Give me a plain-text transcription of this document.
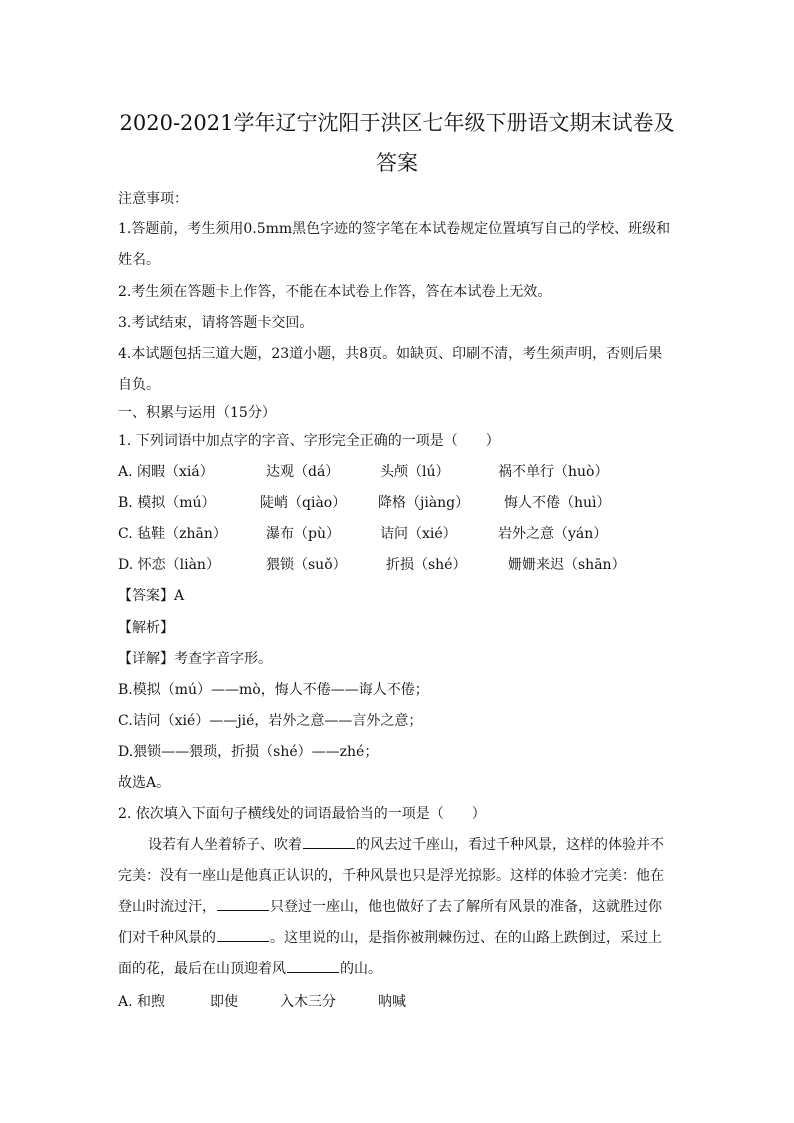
2020-2021学年辽宁沈阳于洪区七年级下册语文期末试卷及答案
注意事项：
1.答题前，考生须用0.5mm黑色字迹的签字笔在本试卷规定位置填写自己的学校、班级和
姓名。
2.考生须在答题卡上作答，不能在本试卷上作答，答在本试卷上无效。
3.考试结束，请将答题卡交回。
4.本试题包括三道大题，23道小题，共8页。如缺页、印刷不清，考生须声明，否则后果
自负。
一、积累与运用（15分）
1. 下列词语中加点字的字音、字形完全正确的一项是（　　）
A. 闲暇（xiá）	达观（dá）	头颅（lú）	祸不单行（huò）
B. 模拟（mú）	陡峭（qiào） 降格（jiàng） 悔人不倦（huì）
C. 毡鞋（zhān）	瀑布（pù）	诘问（xié）	岩外之意（yán）
D. 怀恋（liàn）	猥锁（suǒ）	折损（shé）	姗姗来迟（shān）
【答案】A
【解析】
【详解】考查字音字形。
B.模拟（mú）——mò，悔人不倦——诲人不倦；
C.诘问（xié）——jié，岩外之意——言外之意；
D.猥锁——猥琐，折损（shé）——zhé；
故选A。
2. 依次填入下面句子横线处的词语最恰当的一项是（　　）
设若有人坐着轿子、吹着	的风去过千座山，看过千种风景，这样的体验并不
完美：没有一座山是他真正认识的，千种风景也只是浮光掠影。这样的体验才完美：他在
登山时流过汗，	只登过一座山，他也做好了去了解所有风景的准备，这就胜过你
们对千种风景的	。这里说的山，是指你被荆棘伤过、在的山路上跌倒过，采过上
面的花，最后在山顶迎着风	的山。
A. 和煦	即使	入木三分	呐喊
